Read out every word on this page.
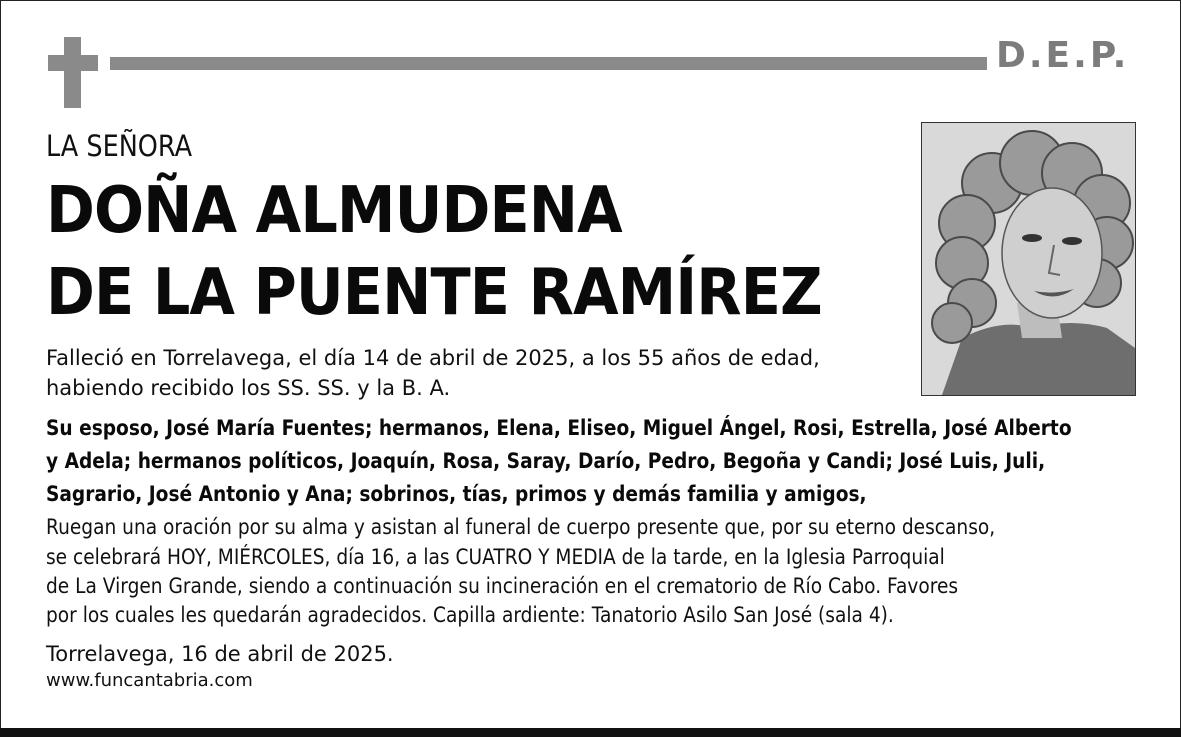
D.E.P.
LA SEÑORA
DOÑA ALMUDENA
DE LA PUENTE RAMÍREZ
Falleció en Torrelavega, el día 14 de abril de 2025, a los 55 años de edad,
habiendo recibido los SS. SS. y la B. A.
Su esposo, José María Fuentes; hermanos, Elena, Eliseo, Miguel Ángel, Rosi, Estrella, José Alberto
y Adela; hermanos políticos, Joaquín, Rosa, Saray, Darío, Pedro, Begoña y Candi; José Luis, Juli,
Sagrario, José Antonio y Ana; sobrinos, tías, primos y demás familia y amigos,
Ruegan una oración por su alma y asistan al funeral de cuerpo presente que, por su eterno descanso,
se celebrará HOY, MIÉRCOLES, día 16, a las CUATRO Y MEDIA de la tarde, en la Iglesia Parroquial
de La Virgen Grande, siendo a continuación su incineración en el crematorio de Río Cabo. Favores
por los cuales les quedarán agradecidos. Capilla ardiente: Tanatorio Asilo San José (sala 4).
Torrelavega, 16 de abril de 2025.
www.funcantabria.com
